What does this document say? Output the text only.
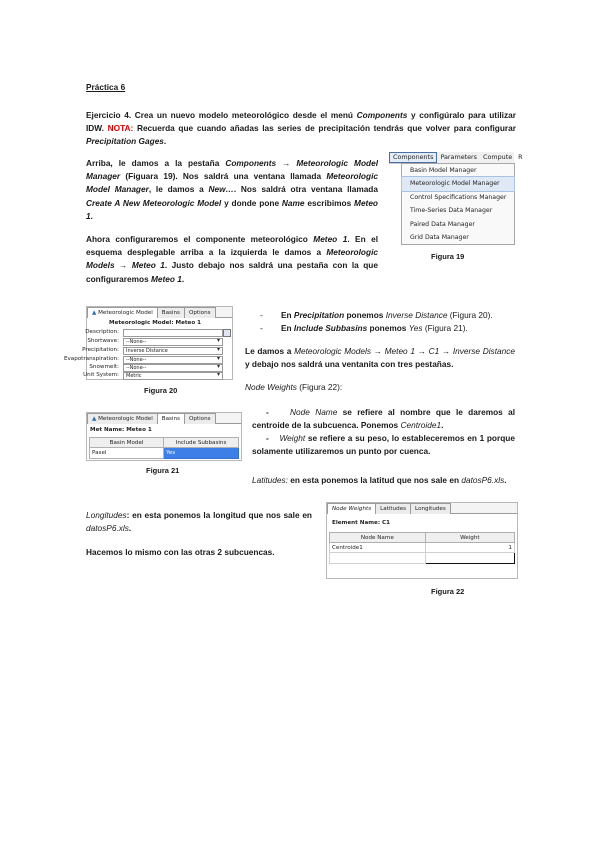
Práctica 6
Ejercicio 4. Crea un nuevo modelo meteorológico desde el menú Components y configúralo para utilizar IDW. NOTA: Recuerda que cuando añadas las series de precipitación tendrás que volver para configurar Precipitation Gages.
Arriba, le damos a la pestaña Components → Meteorologic Model Manager (Figuara 19). Nos saldrá una ventana llamada Meteorologic Model Manager, le damos a New…. Nos saldrá otra ventana llamada Create A New Meteorologic Model y donde pone Name escribimos Meteo 1.
Ahora configuraremos el componente meteorológico Meteo 1. En el esquema desplegable arriba a la izquierda le damos a Meteorologic Models → Meteo 1. Justo debajo nos saldrá una pestaña con la que configuraremos Meteo 1.
Components	Parameters Compute R
Basin Model Manager
Meteorologic Model Manager
Control Specifications Manager
Time-Series Data Manager
Paired Data Manager
Grid Data Manager
Figura 19
▲ Meteorologic Model	Basins	Options
Meteorologic Model: Meteo 1
Description:
Shortwave:	--None-- ▾
Precipitation:	Inverse Distance ▾
Evapotranspiration:	--None-- ▾
Snowmelt:	--None-- ▾
Unit System:	Metric ▾
Figura 20
▲ Meteorologic Model	Basins	Options
Met Name: Meteo 1
Basin Model	Include Subbasins
Pasel	Yes
Figura 21
- En Precipitation ponemos Inverse Distance (Figura 20).
- En Include Subbasins ponemos Yes (Figura 21).
Le damos a Meteorologic Models → Meteo 1 → C1 → Inverse Distance y debajo nos saldrá una ventanita con tres pestañas.
Node Weights (Figura 22):
-	Node Name se refiere al nombre que le daremos al centroide de la subcuenca. Ponemos Centroide1.
- Weight se refiere a su peso, lo estableceremos en 1 porque solamente utilizaremos un punto por cuenca.
Latitudes: en esta ponemos la latitud que nos sale en datosP6.xls.
Longitudes: en esta ponemos la longitud que nos sale en datosP6.xls.
Hacemos lo mismo con las otras 2 subcuencas.
Node Weights	Latitudes	Longitudes
Element Name: C1
Node Name	Weight
Centroide1	1

Figura 22
